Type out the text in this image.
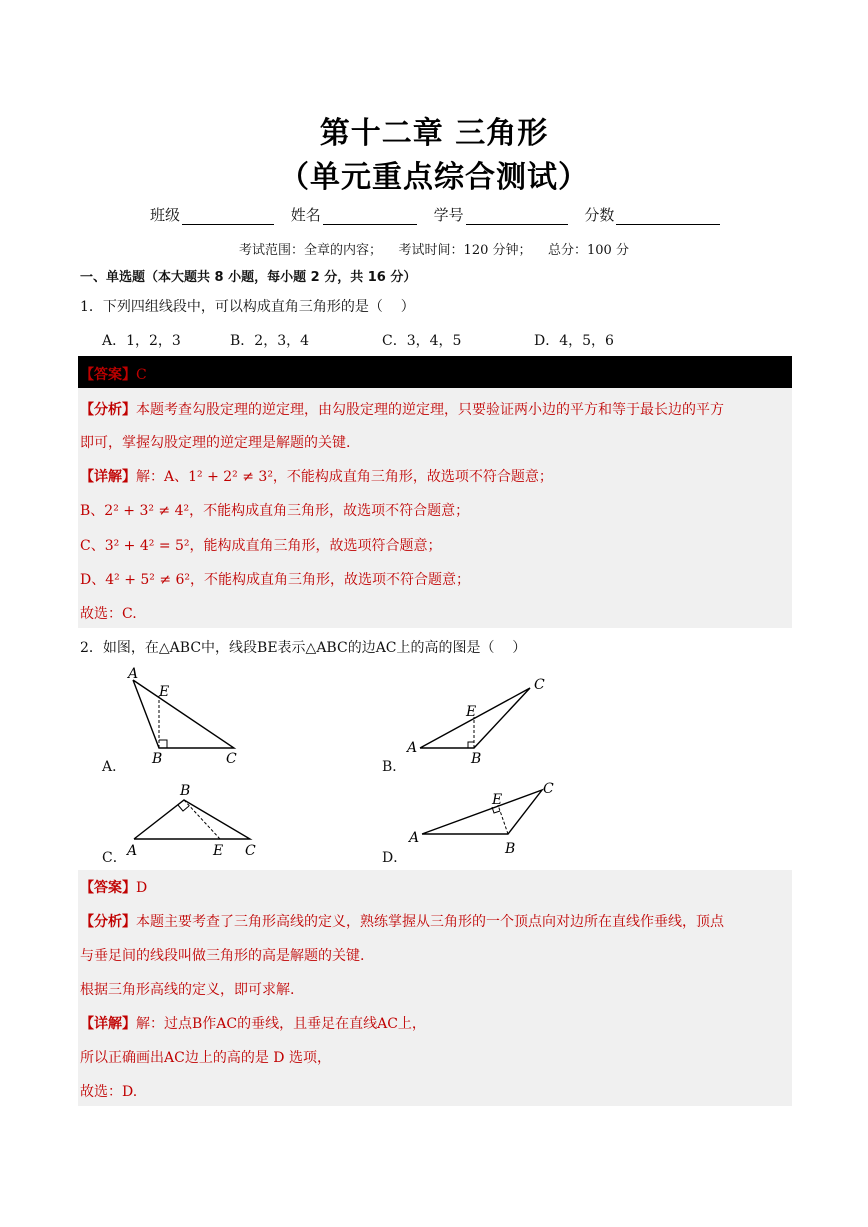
第十二章 三角形
（单元重点综合测试）
班级	姓名	学号	分数
考试范围：全章的内容；    考试时间：120 分钟；    总分：100 分
一、单选题（本大题共 8 小题，每小题 2 分，共 16 分）
1．下列四组线段中，可以构成直角三角形的是（    ）
A．1，2，3	B．2，3，4	C．3，4，5	D．4，5，6
【答案】C
【分析】本题考查勾股定理的逆定理，由勾股定理的逆定理，只要验证两小边的平方和等于最长边的平方
即可，掌握勾股定理的逆定理是解题的关键.
【详解】解：A、1² + 2² ≠ 3²，不能构成直角三角形，故选项不符合题意；
B、2² + 3² ≠ 4²，不能构成直角三角形，故选项不符合题意；
C、3² + 4² = 5²，能构成直角三角形，故选项符合题意；
D、4² + 5² ≠ 6²，不能构成直角三角形，故选项不符合题意；
故选：C.
2．如图，在△ABC中，线段BE表示△ABC的边AC上的高的图是（    ）
A
E
B	C
A．
A
E
B
C
B．
B
A	E C
C．
A
E
B
C
D．
【答案】D
【分析】本题主要考查了三角形高线的定义，熟练掌握从三角形的一个顶点向对边所在直线作垂线，顶点
与垂足间的线段叫做三角形的高是解题的关键.
根据三角形高线的定义，即可求解.
【详解】解：过点B作AC的垂线，且垂足在直线AC上，
所以正确画出AC边上的高的是 D 选项，
故选：D.
